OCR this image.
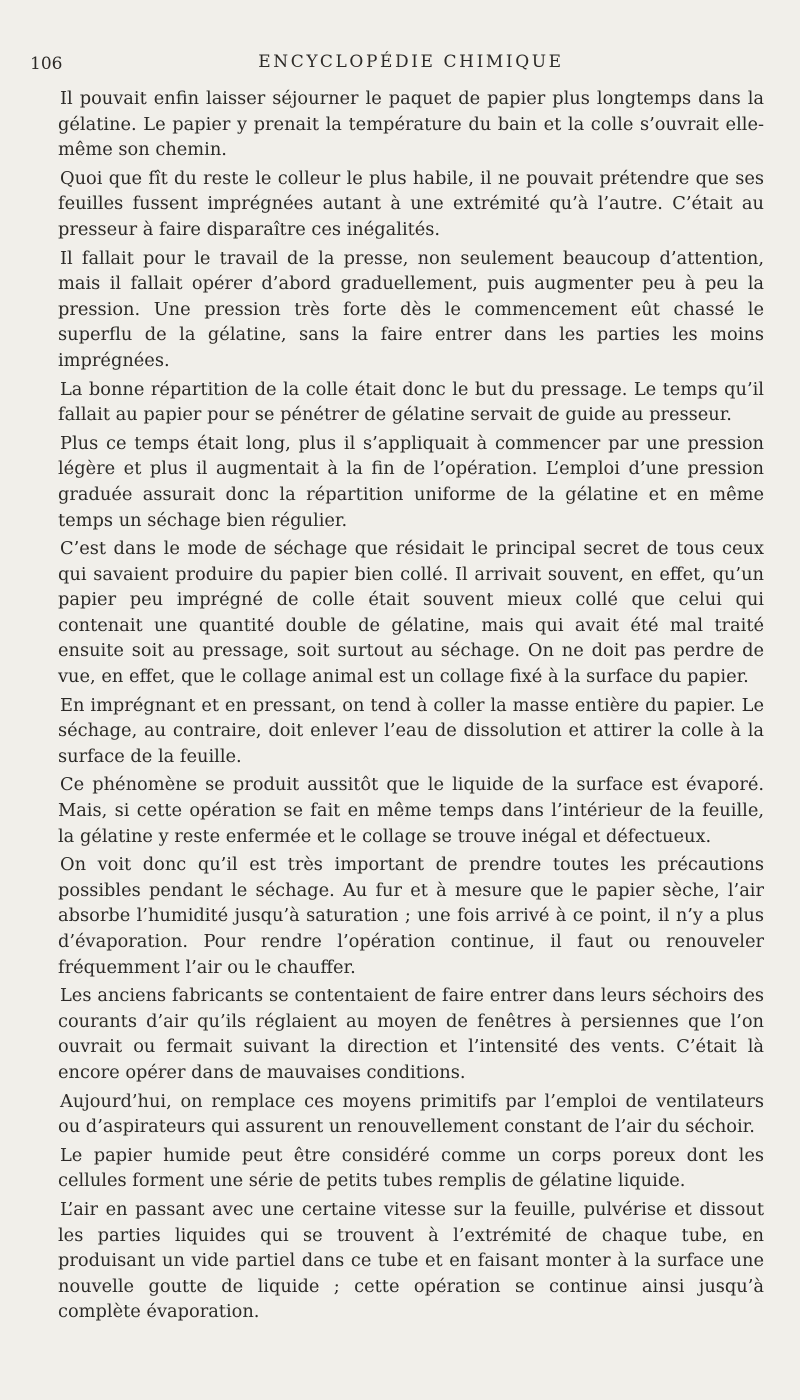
106	ENCYCLOPÉDIE CHIMIQUE

Il pouvait enfin laisser séjourner le paquet de papier plus longtemps dans la gélatine. Le papier y prenait la température du bain et la colle s’ouvrait elle-même son chemin.

Quoi que fît du reste le colleur le plus habile, il ne pouvait prétendre que ses feuilles fussent imprégnées autant à une extrémité qu’à l’autre. C’était au presseur à faire disparaître ces inégalités.

Il fallait pour le travail de la presse, non seulement beaucoup d’attention, mais il fallait opérer d’abord graduellement, puis augmenter peu à peu la pression. Une pression très forte dès le commencement eût chassé le superflu de la gélatine, sans la faire entrer dans les parties les moins imprégnées.

La bonne répartition de la colle était donc le but du pressage. Le temps qu’il fallait au papier pour se pénétrer de gélatine servait de guide au presseur.

Plus ce temps était long, plus il s’appliquait à commencer par une pression légère et plus il augmentait à la fin de l’opération. L’emploi d’une pression graduée assurait donc la répartition uniforme de la gélatine et en même temps un séchage bien régulier.

C’est dans le mode de séchage que résidait le principal secret de tous ceux qui savaient produire du papier bien collé. Il arrivait souvent, en effet, qu’un papier peu imprégné de colle était souvent mieux collé que celui qui contenait une quantité double de gélatine, mais qui avait été mal traité ensuite soit au pressage, soit surtout au séchage. On ne doit pas perdre de vue, en effet, que le collage animal est un collage fixé à la surface du papier.

En imprégnant et en pressant, on tend à coller la masse entière du papier. Le séchage, au contraire, doit enlever l’eau de dissolution et attirer la colle à la surface de la feuille.

Ce phénomène se produit aussitôt que le liquide de la surface est évaporé. Mais, si cette opération se fait en même temps dans l’intérieur de la feuille, la gélatine y reste enfermée et le collage se trouve inégal et défectueux.

On voit donc qu’il est très important de prendre toutes les précautions possibles pendant le séchage. Au fur et à mesure que le papier sèche, l’air absorbe l’humidité jusqu’à saturation ; une fois arrivé à ce point, il n’y a plus d’évaporation. Pour rendre l’opération continue, il faut ou renouveler fréquemment l’air ou le chauffer.

Les anciens fabricants se contentaient de faire entrer dans leurs séchoirs des courants d’air qu’ils réglaient au moyen de fenêtres à persiennes que l’on ouvrait ou fermait suivant la direction et l’intensité des vents. C’était là encore opérer dans de mauvaises conditions.

Aujourd’hui, on remplace ces moyens primitifs par l’emploi de ventilateurs ou d’aspirateurs qui assurent un renouvellement constant de l’air du séchoir.

Le papier humide peut être considéré comme un corps poreux dont les cellules forment une série de petits tubes remplis de gélatine liquide.

L’air en passant avec une certaine vitesse sur la feuille, pulvérise et dissout les parties liquides qui se trouvent à l’extrémité de chaque tube, en produisant un vide partiel dans ce tube et en faisant monter à la surface une nouvelle goutte de liquide ; cette opération se continue ainsi jusqu’à complète évaporation.
